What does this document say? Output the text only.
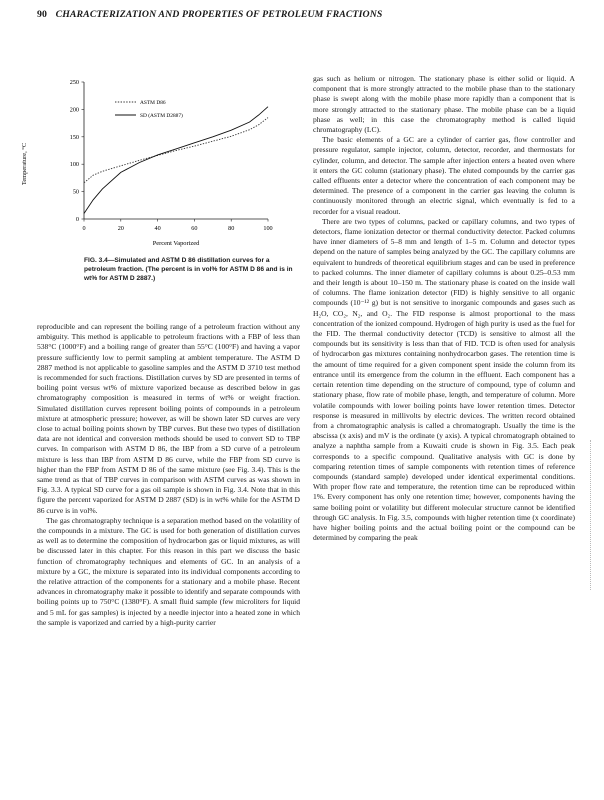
90 CHARACTERIZATION AND PROPERTIES OF PETROLEUM FRACTIONS
0	20	40	60	80	100
0
50
100
150
200
250
ASTM D86
SD (ASTM D2887)
Percent Vaporized
Temperature, °C
FIG. 3.4—Simulated and ASTM D 86 distillation curves for a petroleum fraction. (The percent is in vol% for ASTM D 86 and is in wt% for ASTM D 2887.)

reproducible and can represent the boiling range of a petroleum fraction without any ambiguity. This method is applicable to petroleum fractions with a FBP of less than 538°C (1000°F) and a boiling range of greater than 55°C (100°F) and having a vapor pressure sufficiently low to permit sampling at ambient temperature. The ASTM D 2887 method is not applicable to gasoline samples and the ASTM D 3710 test method is recommended for such fractions. Distillation curves by SD are presented in terms of boiling point versus wt% of mixture vaporized because as described below in gas chromatography composition is measured in terms of wt% or weight fraction. Simulated distillation curves represent boiling points of compounds in a petroleum mixture at atmospheric pressure; however, as will be shown later SD curves are very close to actual boiling points shown by TBP curves. But these two types of distillation data are not identical and conversion methods should be used to convert SD to TBP curves. In comparison with ASTM D 86, the IBP from a SD curve of a petroleum mixture is less than IBP from ASTM D 86 curve, while the FBP from SD curve is higher than the FBP from ASTM D 86 of the same mixture (see Fig. 3.4). This is the same trend as that of TBP curves in comparison with ASTM curves as was shown in Fig. 3.3. A typical SD curve for a gas oil sample is shown in Fig. 3.4. Note that in this figure the percent vaporized for ASTM D 2887 (SD) is in wt% while for the ASTM D 86 curve is in vol%.

The gas chromatography technique is a separation method based on the volatility of the compounds in a mixture. The GC is used for both generation of distillation curves as well as to determine the composition of hydrocarbon gas or liquid mixtures, as will be discussed later in this chapter. For this reason in this part we discuss the basic function of chromatography techniques and elements of GC. In an analysis of a mixture by a GC, the mixture is separated into its individual components according to the relative attraction of the components for a stationary and a mobile phase. Recent advances in chromatography make it possible to identify and separate compounds with boiling points up to 750°C (1380°F). A small fluid sample (few microliters for liquid and 5 mL for gas samples) is injected by a needle injector into a heated zone in which the sample is vaporized and carried by a high-purity carrier

gas such as helium or nitrogen. The stationary phase is either solid or liquid. A component that is more strongly attracted to the mobile phase than to the stationary phase is swept along with the mobile phase more rapidly than a component that is more strongly attracted to the stationary phase. The mobile phase can be a liquid phase as well; in this case the chromatography method is called liquid chromatography (LC).

The basic elements of a GC are a cylinder of carrier gas, flow controller and pressure regulator, sample injector, column, detector, recorder, and thermostats for cylinder, column, and detector. The sample after injection enters a heated oven where it enters the GC column (stationary phase). The eluted compounds by the carrier gas called effluents enter a detector where the concentration of each component may be determined. The presence of a component in the carrier gas leaving the column is continuously monitored through an electric signal, which eventually is fed to a recorder for a visual readout.

There are two types of columns, packed or capillary columns, and two types of detectors, flame ionization detector or thermal conductivity detector. Packed columns have inner diameters of 5–8 mm and length of 1–5 m. Column and detector types depend on the nature of samples being analyzed by the GC. The capillary columns are equivalent to hundreds of theoretical equilibrium stages and can be used in preference to packed columns. The inner diameter of capillary columns is about 0.25–0.53 mm and their length is about 10–150 m. The stationary phase is coated on the inside wall of columns. The flame ionization detector (FID) is highly sensitive to all organic compounds (10⁻¹² g) but is not sensitive to inorganic compounds and gases such as H₂O, CO₂, N₂, and O₂. The FID response is almost proportional to the mass concentration of the ionized compound. Hydrogen of high purity is used as the fuel for the FID. The thermal conductivity detector (TCD) is sensitive to almost all the compounds but its sensitivity is less than that of FID. TCD is often used for analysis of hydrocarbon gas mixtures containing nonhydrocarbon gases. The retention time is the amount of time required for a given component spent inside the column from its entrance until its emergence from the column in the effluent. Each component has a certain retention time depending on the structure of compound, type of column and stationary phase, flow rate of mobile phase, length, and temperature of column. More volatile compounds with lower boiling points have lower retention times. Detector response is measured in millivolts by electric devices. The written record obtained from a chromatographic analysis is called a chromatograph. Usually the time is the abscissa (x axis) and mV is the ordinate (y axis). A typical chromatograph obtained to analyze a naphtha sample from a Kuwaiti crude is shown in Fig. 3.5. Each peak corresponds to a specific compound. Qualitative analysis with GC is done by comparing retention times of sample components with retention times of reference compounds (standard sample) developed under identical experimental conditions. With proper flow rate and temperature, the retention time can be reproduced within 1%. Every component has only one retention time; however, components having the same boiling point or volatility but different molecular structure cannot be identified through GC analysis. In Fig. 3.5, compounds with higher retention time (x coordinate) have higher boiling points and the actual boiling point or the compound can be determined by comparing the peak
